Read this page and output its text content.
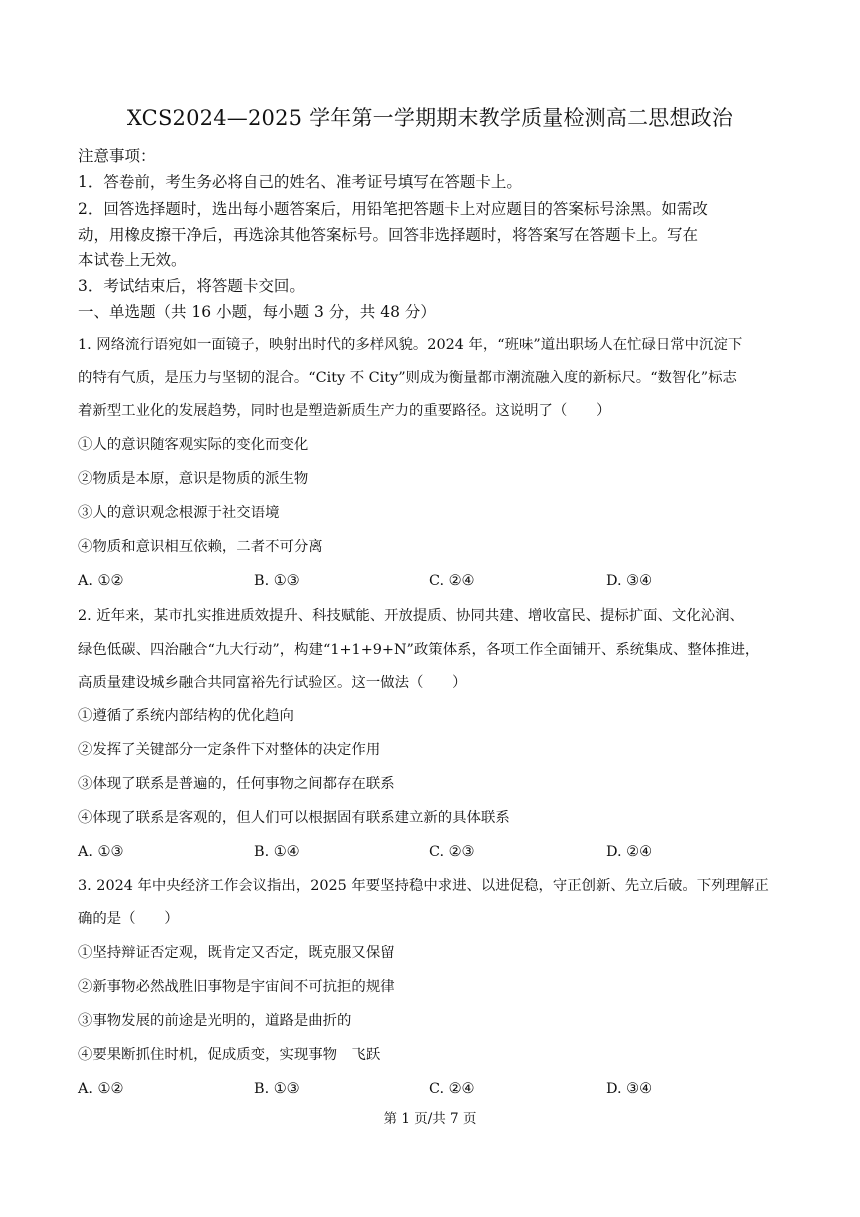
XCS2024—2025 学年第一学期期末教学质量检测高二思想政治
注意事项：
1．答卷前，考生务必将自己的姓名、准考证号填写在答题卡上。
2．回答选择题时，选出每小题答案后，用铅笔把答题卡上对应题目的答案标号涂黑。如需改
动，用橡皮擦干净后，再选涂其他答案标号。回答非选择题时，将答案写在答题卡上。写在
本试卷上无效。
3．考试结束后，将答题卡交回。
一、单选题（共 16 小题，每小题 3 分，共 48 分）
1. 网络流行语宛如一面镜子，映射出时代的多样风貌。2024 年，“班味”道出职场人在忙碌日常中沉淀下
的特有气质，是压力与坚韧的混合。“City 不 City”则成为衡量都市潮流融入度的新标尺。“数智化”标志
着新型工业化的发展趋势，同时也是塑造新质生产力的重要路径。这说明了（　　）
①人的意识随客观实际的变化而变化
②物质是本原，意识是物质的派生物
③人的意识观念根源于社交语境
④物质和意识相互依赖，二者不可分离
A. ①②	B. ①③	C. ②④	D. ③④
2. 近年来，某市扎实推进质效提升、科技赋能、开放提质、协同共建、增收富民、提标扩面、文化沁润、
绿色低碳、四治融合“九大行动”，构建“1+1+9+N”政策体系，各项工作全面铺开、系统集成、整体推进，
高质量建设城乡融合共同富裕先行试验区。这一做法（　　）
①遵循了系统内部结构的优化趋向
②发挥了关键部分一定条件下对整体的决定作用
③体现了联系是普遍的，任何事物之间都存在联系
④体现了联系是客观的，但人们可以根据固有联系建立新的具体联系
A. ①③	B. ①④	C. ②③	D. ②④
3. 2024 年中央经济工作会议指出，2025 年要坚持稳中求进、以进促稳，守正创新、先立后破。下列理解正
确的是（　　）
①坚持辩证否定观，既肯定又否定，既克服又保留
②新事物必然战胜旧事物是宇宙间不可抗拒的规律
③事物发展的前途是光明的，道路是曲折的
④要果断抓住时机，促成质变，实现事物　飞跃
A. ①②	B. ①③	C. ②④	D. ③④
第 1 页/共 7 页
